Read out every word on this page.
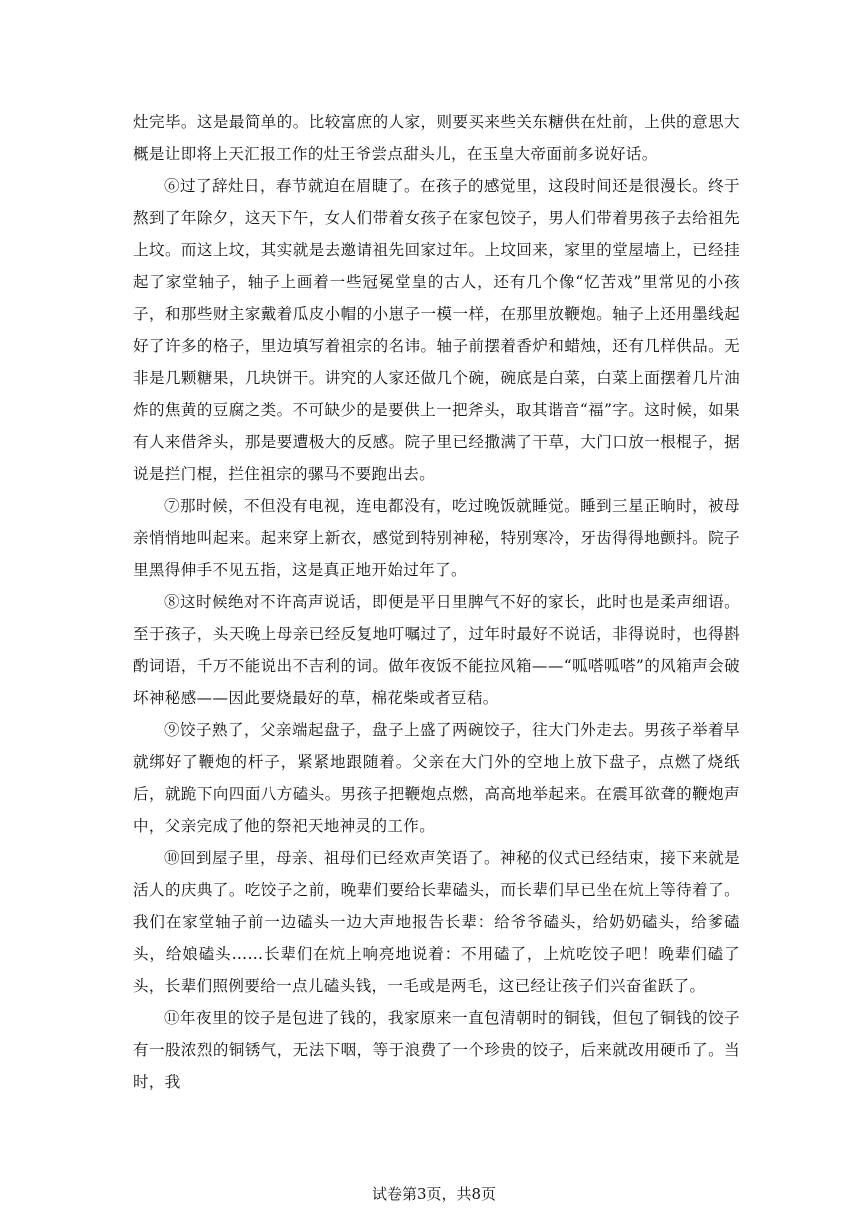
灶完毕。这是最简单的。比较富庶的人家，则要买来些关东糖供在灶前，上供的意思大概是让即将上天汇报工作的灶王爷尝点甜头儿，在玉皇大帝面前多说好话。

⑥过了辞灶日，春节就迫在眉睫了。在孩子的感觉里，这段时间还是很漫长。终于熬到了年除夕，这天下午，女人们带着女孩子在家包饺子，男人们带着男孩子去给祖先上坟。而这上坟，其实就是去邀请祖先回家过年。上坟回来，家里的堂屋墙上，已经挂起了家堂轴子，轴子上画着一些冠冕堂皇的古人，还有几个像“忆苦戏”里常见的小孩子，和那些财主家戴着瓜皮小帽的小崽子一模一样，在那里放鞭炮。轴子上还用墨线起好了许多的格子，里边填写着祖宗的名讳。轴子前摆着香炉和蜡烛，还有几样供品。无非是几颗糖果，几块饼干。讲究的人家还做几个碗，碗底是白菜，白菜上面摆着几片油炸的焦黄的豆腐之类。不可缺少的是要供上一把斧头，取其谐音“福”字。这时候，如果有人来借斧头，那是要遭极大的反感。院子里已经撒满了干草，大门口放一根棍子，据说是拦门棍，拦住祖宗的骡马不要跑出去。

⑦那时候，不但没有电视，连电都没有，吃过晚饭就睡觉。睡到三星正晌时，被母亲悄悄地叫起来。起来穿上新衣，感觉到特别神秘，特别寒冷，牙齿得得地颤抖。院子里黑得伸手不见五指，这是真正地开始过年了。

⑧这时候绝对不许高声说话，即便是平日里脾气不好的家长，此时也是柔声细语。至于孩子，头天晚上母亲已经反复地叮嘱过了，过年时最好不说话，非得说时，也得斟酌词语，千万不能说出不吉利的词。做年夜饭不能拉风箱——“呱嗒呱嗒”的风箱声会破坏神秘感——因此要烧最好的草，棉花柴或者豆秸。

⑨饺子熟了，父亲端起盘子，盘子上盛了两碗饺子，往大门外走去。男孩子举着早就绑好了鞭炮的杆子，紧紧地跟随着。父亲在大门外的空地上放下盘子，点燃了烧纸后，就跪下向四面八方磕头。男孩子把鞭炮点燃，高高地举起来。在震耳欲聋的鞭炮声中，父亲完成了他的祭祀天地神灵的工作。

⑩回到屋子里，母亲、祖母们已经欢声笑语了。神秘的仪式已经结束，接下来就是活人的庆典了。吃饺子之前，晚辈们要给长辈磕头，而长辈们早已坐在炕上等待着了。我们在家堂轴子前一边磕头一边大声地报告长辈：给爷爷磕头，给奶奶磕头，给爹磕头，给娘磕头……长辈们在炕上响亮地说着：不用磕了，上炕吃饺子吧！晚辈们磕了头，长辈们照例要给一点儿磕头钱，一毛或是两毛，这已经让孩子们兴奋雀跃了。

⑪年夜里的饺子是包进了钱的，我家原来一直包清朝时的铜钱，但包了铜钱的饺子有一股浓烈的铜锈气，无法下咽，等于浪费了一个珍贵的饺子，后来就改用硬币了。当时，我

试卷第3页，共8页
